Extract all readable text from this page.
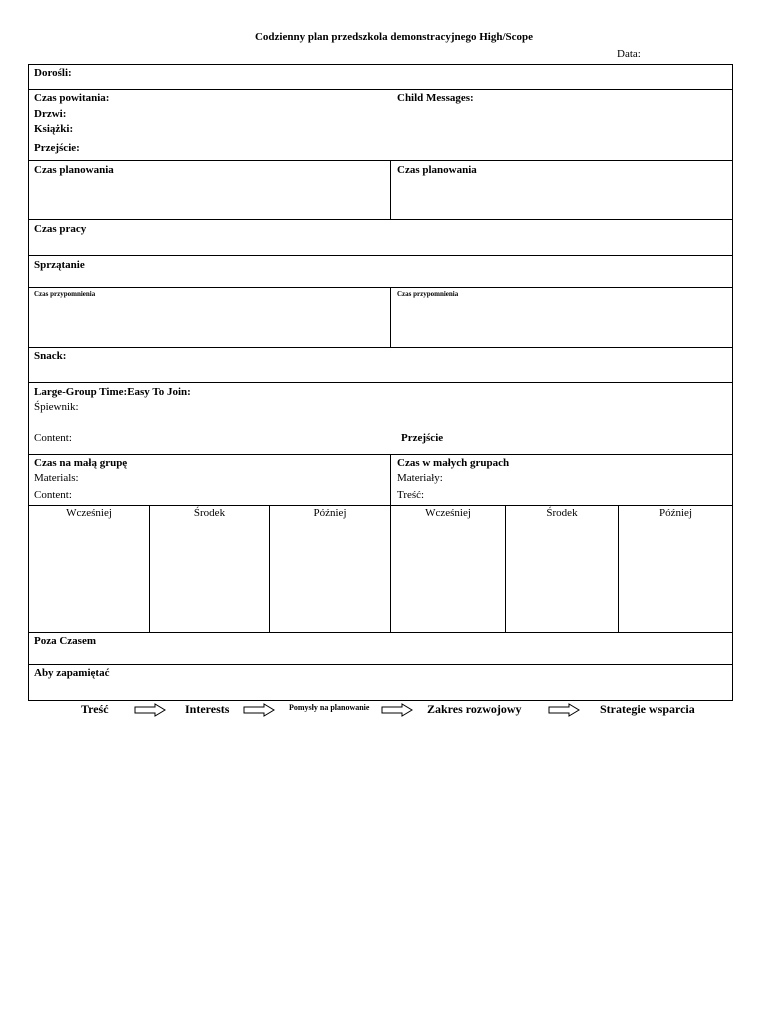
Codzienny plan przedszkola demonstracyjnego High/Scope
Data:
Dorośli:
Czas powitania:
Drzwi:
Książki:
Przejście:
Child Messages:
Czas planowania	Czas planowania
Czas pracy
Sprzątanie
Czas przypomnienia	Czas przypomnienia
Snack:
Large-Group Time:Easy To Join:
Śpiewnik:
Content:	Przejście
Czas na małą grupę
Materials:
Content:
Czas w małych grupach
Materiały:
Treść:
Wcześniej	Środek	Później	Wcześniej	Środek	Później
Poza Czasem
Aby zapamiętać
Treść	Interests	Pomysły na planowanie	Zakres rozwojowy	Strategie wsparcia
